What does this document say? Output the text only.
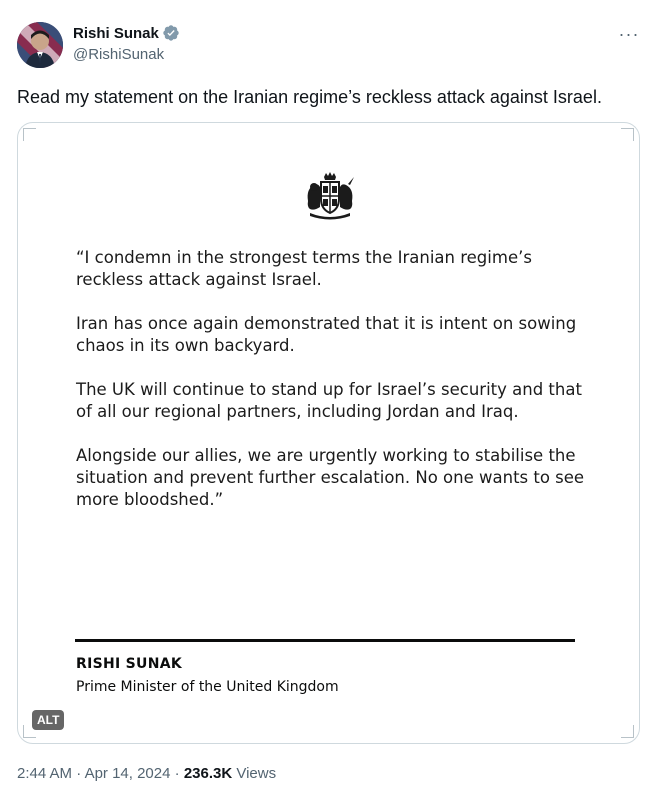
Rishi Sunak
@RishiSunak
···
Read my statement on the Iranian regime’s reckless attack against Israel.

“I condemn in the strongest terms the Iranian regime’s reckless attack against Israel.

Iran has once again demonstrated that it is intent on sowing chaos in its own backyard.

The UK will continue to stand up for Israel’s security and that of all our regional partners, including Jordan and Iraq.

Alongside our allies, we are urgently working to stabilise the situation and prevent further escalation. No one wants to see more bloodshed.”

RISHI SUNAK
Prime Minister of the United Kingdom
ALT
2:44 AM · Apr 14, 2024 · 236.3K Views
